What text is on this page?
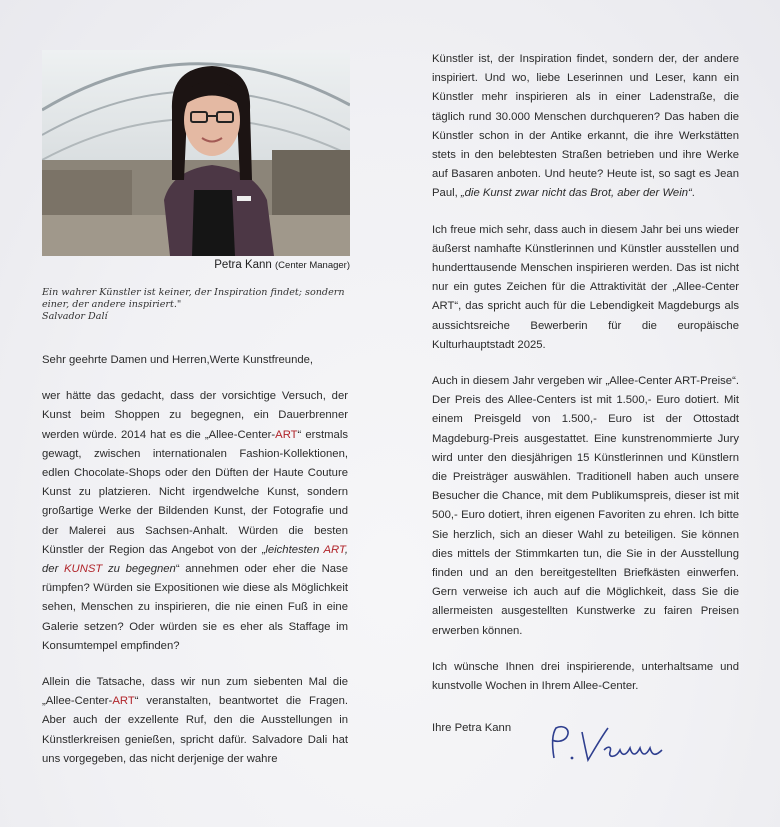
Petra Kann (Center Manager)
Ein wahrer Künstler ist keiner, der Inspiration findet; sondern einer, der andere inspiriert."
Salvador Dalí

Sehr geehrte Damen und Herren,Werte Kunstfreunde,

wer hätte das gedacht, dass der vorsichtige Versuch, der Kunst beim Shoppen zu begegnen, ein Dauerbrenner werden würde. 2014 hat es die „Allee-Center-ART“ erstmals gewagt, zwischen internationalen Fashion-Kollektionen, edlen Chocolate-Shops oder den Düften der Haute Couture Kunst zu platzieren. Nicht irgendwelche Kunst, sondern großartige Werke der Bildenden Kunst, der Fotografie und der Malerei aus Sachsen-Anhalt. Würden die besten Künstler der Region das Angebot von der „leichtesten ART, der KUNST zu begegnen“ annehmen oder eher die Nase rümpfen? Würden sie Expositionen wie diese als Möglichkeit sehen, Menschen zu inspirieren, die nie einen Fuß in eine Galerie setzen? Oder würden sie es eher als Staffage im Konsumtempel empfinden?

Allein die Tatsache, dass wir nun zum siebenten Mal die „Allee-Center-ART“ veranstalten, beantwortet die Fragen. Aber auch der exzellente Ruf, den die Ausstellungen in Künstlerkreisen genießen, spricht dafür. Salvadore Dali hat uns vorgegeben, das nicht derjenige der wahre

Künstler ist, der Inspiration findet, sondern der, der andere inspiriert. Und wo, liebe Leserinnen und Leser, kann ein Künstler mehr inspirieren als in einer Ladenstraße, die täglich rund 30.000 Menschen durchqueren? Das haben die Künstler schon in der Antike erkannt, die ihre Werkstätten stets in den belebtesten Straßen betrieben und ihre Werke auf Basaren anboten. Und heute? Heute ist, so sagt es Jean Paul, „die Kunst zwar nicht das Brot, aber der Wein“.

Ich freue mich sehr, dass auch in diesem Jahr bei uns wieder äußerst namhafte Künstlerinnen und Künstler ausstellen und hunderttausende Menschen inspirieren werden. Das ist nicht nur ein gutes Zeichen für die Attraktivität der „Allee-Center ART“, das spricht auch für die Lebendigkeit Magdeburgs als aussichtsreiche Bewerberin für die europäische Kulturhauptstadt 2025.

Auch in diesem Jahr vergeben wir „Allee-Center ART-Preise“. Der Preis des Allee-Centers ist mit 1.500,- Euro dotiert. Mit einem Preisgeld von 1.500,- Euro ist der Ottostadt Magdeburg-Preis ausgestattet. Eine kunstrenommierte Jury wird unter den diesjährigen 15 Künstlerinnen und Künstlern die Preisträger auswählen. Traditionell haben auch unsere Besucher die Chance, mit dem Publikumspreis, dieser ist mit 500,- Euro dotiert, ihren eigenen Favoriten zu ehren. Ich bitte Sie herzlich, sich an dieser Wahl zu beteiligen. Sie können dies mittels der Stimmkarten tun, die Sie in der Ausstellung finden und an den bereitgestellten Briefkästen einwerfen. Gern verweise ich auch auf die Möglichkeit, dass Sie die allermeisten ausgestellten Kunstwerke zu fairen Preisen erwerben können.

Ich wünsche Ihnen drei inspirierende, unterhaltsame und kunstvolle Wochen in Ihrem Allee-Center.

Ihre Petra Kann
